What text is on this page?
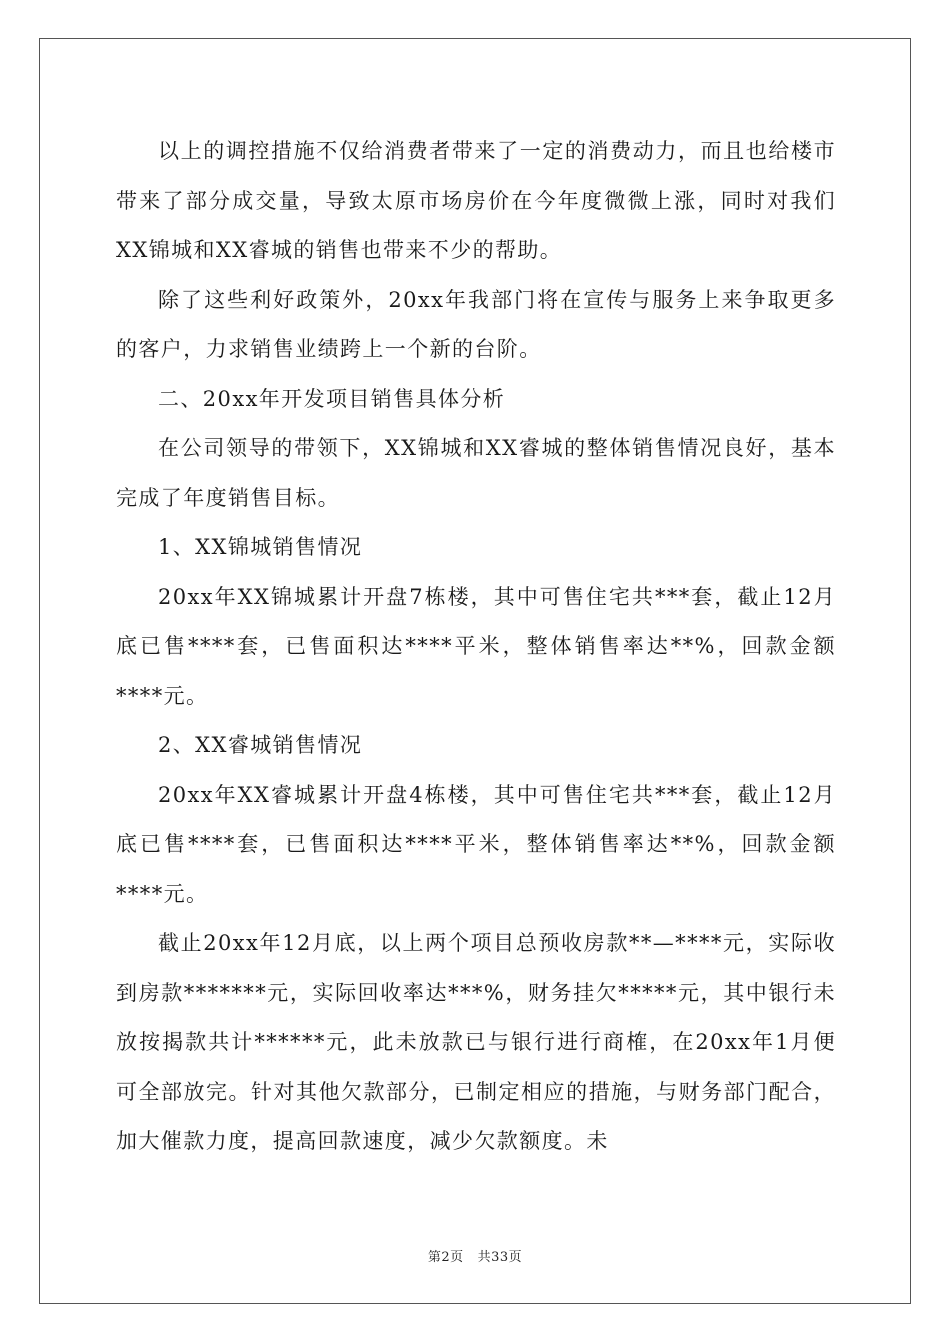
以上的调控措施不仅给消费者带来了一定的消费动力，而且也给楼市带来了部分成交量，导致太原市场房价在今年度微微上涨，同时对我们XX锦城和XX睿城的销售也带来不少的帮助。

除了这些利好政策外，20xx年我部门将在宣传与服务上来争取更多的客户，力求销售业绩跨上一个新的台阶。

二、20xx年开发项目销售具体分析

在公司领导的带领下，XX锦城和XX睿城的整体销售情况良好，基本完成了年度销售目标。

1、XX锦城销售情况

20xx年XX锦城累计开盘7栋楼，其中可售住宅共***套，截止12月底已售****套，已售面积达****平米，整体销售率达**%，回款金额****元。

2、XX睿城销售情况

20xx年XX睿城累计开盘4栋楼，其中可售住宅共***套，截止12月底已售****套，已售面积达****平米，整体销售率达**%，回款金额****元。

截止20xx年12月底，以上两个项目总预收房款**—****元，实际收到房款*******元，实际回收率达***%，财务挂欠*****元，其中银行未放按揭款共计******元，此未放款已与银行进行商榷，在20xx年1月便可全部放完。针对其他欠款部分，已制定相应的措施，与财务部门配合，加大催款力度，提高回款速度，减少欠款额度。未

第2页 共33页
